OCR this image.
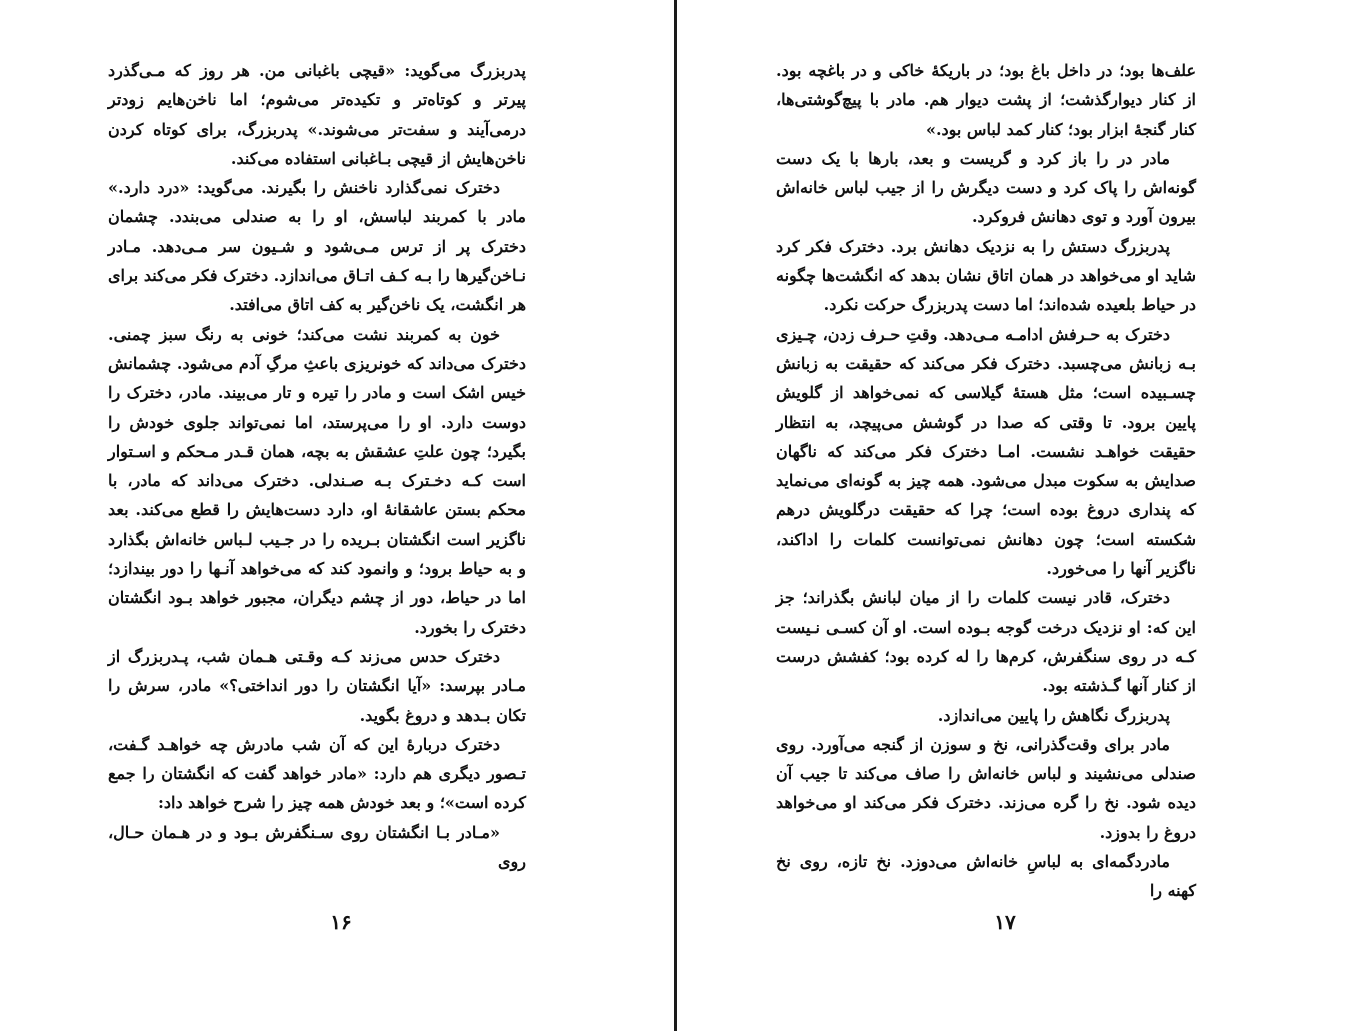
پدربزرگ می‌گوید: «قیچی باغبانی من. هر روز که مـی‌گذرد پیرتر و کوتاه‌تر و تکیده‌تر می‌شوم؛ اما ناخن‌هایم زودتر درمی‌آیند و سفت‌تر می‌شوند.» پدربزرگ، برای کوتاه کردن ناخن‌هایش از قیچی بـاغبانی استفاده می‌کند.

دخترک نمی‌گذارد ناخنش را بگیرند. می‌گوید: «درد دارد.» مادر با کمربند لباسش، او را به صندلی می‌بندد. چشمان دخترک پر از ترس مـی‌شود و شـیون سر مـی‌دهد. مـادر نـاخن‌گیرها را بـه کـف اتـاق می‌اندازد. دخترک فکر می‌کند برای هر انگشت، یک ناخن‌گیر به کف اتاق می‌افتد.

خون به کمربند نشت می‌کند؛ خونی به رنگ سبز چمنی. دخترک می‌داند که خونریزی باعثِ مرگِ آدم می‌شود. چشمانش خیس اشک است و مادر را تیره و تار می‌بیند. مادر، دخترک را دوست دارد. او را می‌پرستد، اما نمی‌تواند جلوی خودش را بگیرد؛ چون علتِ عشقش به بچه، همان قـدر مـحکم و اسـتوار است کـه دخـترک بـه صـندلی. دخترک می‌داند که مادر، با محکم بستن عاشقانهٔ او، دارد دست‌هایش را قطع می‌کند. بعد ناگزیر است انگشتان بـریده را در جـیب لـباس خانه‌اش بگذارد و به حیاط برود؛ و وانمود کند که می‌خواهد آنـها را دور بیندازد؛ اما در حیاط، دور از چشم دیگران، مجبور خواهد بـود انگشتان دخترک را بخورد.

دخترک حدس می‌زند کـه وقـتی هـمان شب، پـدربزرگ از مـادر بپرسد: «آیا انگشتان را دور انداختی؟» مادر، سرش را تکان بـدهد و دروغ بگوید.

دخترک دربارهٔ این که آن شب مادرش چه خواهـد گـفت، تـصور دیگری هم دارد: «مادر خواهد گفت که انگشتان را جمع کرده است»؛ و بعد خودش همه چیز را شرح خواهد داد:

«مـادر بـا انگشتان روی سـنگفرش بـود و در هـمان حـال، روی

۱۶

علف‌ها بود؛ در داخل باغ بود؛ در باریکهٔ خاکی و در باغچه بود. از کنار دیوارگذشت؛ از پشت دیوار هم. مادر با پیچ‌گوشتی‌ها، کنار گنجهٔ ابزار بود؛ کنار کمد لباس بود.»

مادر در را باز کرد و گریست و بعد، بارها با یک دست گونه‌اش را پاک کرد و دست دیگرش را از جیب لباس خانه‌اش بیرون آورد و توی دهانش فروکرد.

پدربزرگ دستش را به نزدیک دهانش برد. دخترک فکر کرد شاید او می‌خواهد در همان اتاق نشان بدهد که انگشت‌ها چگونه در حیاط بلعیده شده‌اند؛ اما دست پدربزرگ حرکت نکرد.

دخترک به حـرفش ادامـه مـی‌دهد. وقتِ حـرف زدن، چـیزی بـه زبانش می‌چسبد. دخترک فکر می‌کند که حقیقت به زبانش چسـبیده است؛ مثل هستهٔ گیلاسی که نمی‌خواهد از گلویش پایین برود. تا وقتی که صدا در گوشش می‌پیچد، به انتظار حقیقت خواهـد نشست. امـا دخترک فکر می‌کند که ناگهان صدایش به سکوت مبدل می‌شود. همه چیز به گونه‌ای می‌نماید که پنداری دروغ بوده است؛ چرا که حقیقت درگلویش درهم شکسته است؛ چون دهانش نمی‌توانست کلمات را اداکند، ناگزیر آنها را می‌خورد.

دخترک، قادر نیست کلمات را از میان لبانش بگذراند؛ جز این که: او نزدیک درخت گوجه بـوده است. او آن کسـی نـیست کـه در روی سنگفرش، کرم‌ها را له کرده بود؛ کفشش درست از کنار آنها گـذشته بود.

پدربزرگ نگاهش را پایین می‌اندازد.

مادر برای وقت‌گذرانی، نخ و سوزن از گنجه می‌آورد. روی صندلی می‌نشیند و لباس خانه‌اش را صاف می‌کند تا جیب آن دیده شود. نخ را گره می‌زند. دخترک فکر می‌کند او می‌خواهد دروغ را بدوزد.

مادردگمه‌ای به لباسِ خانه‌اش می‌دوزد. نخ تازه، روی نخ کهنه را

۱۷
